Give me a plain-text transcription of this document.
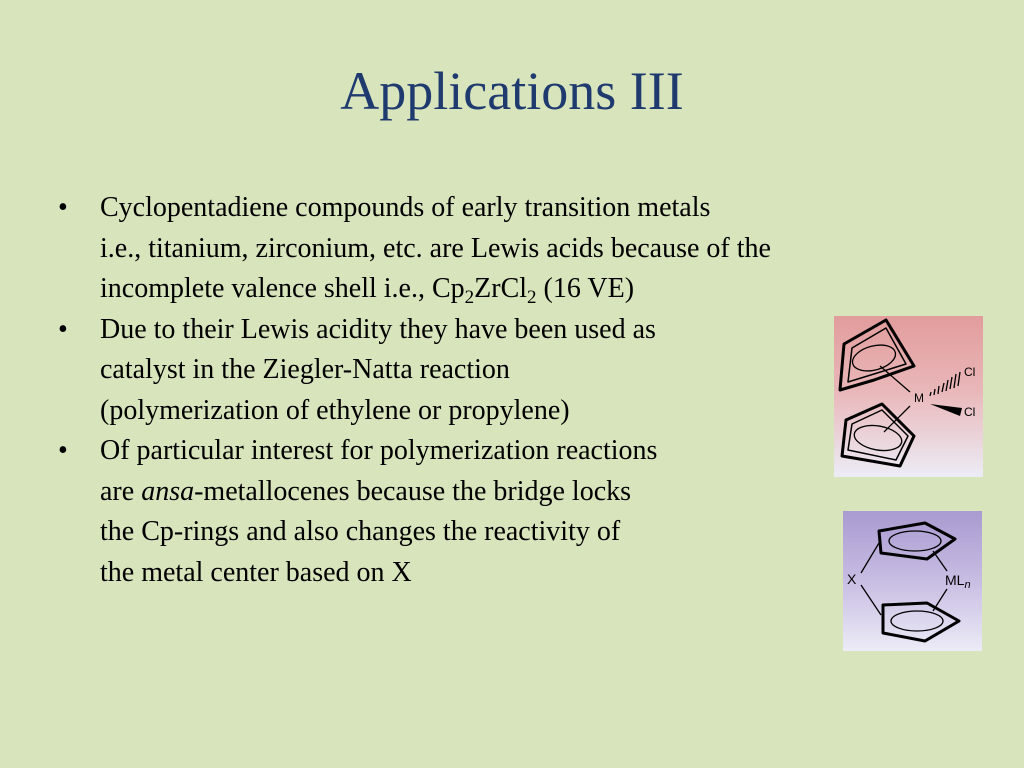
Applications III
• Cyclopentadiene compounds of early transition metals
i.e., titanium, zirconium, etc. are Lewis acids because of the
incomplete valence shell i.e., $Cp_2ZrCl_2$ (16 VE)
• Due to their Lewis acidity they have been used as
catalyst in the Ziegler-Natta reaction
(polymerization of ethylene or propylene)
• Of particular interest for polymerization reactions
are ansa-metallocenes because the bridge locks
the Cp-rings and also changes the reactivity of
the metal center based on X
M
Cl
Cl
X	$ML_n$
